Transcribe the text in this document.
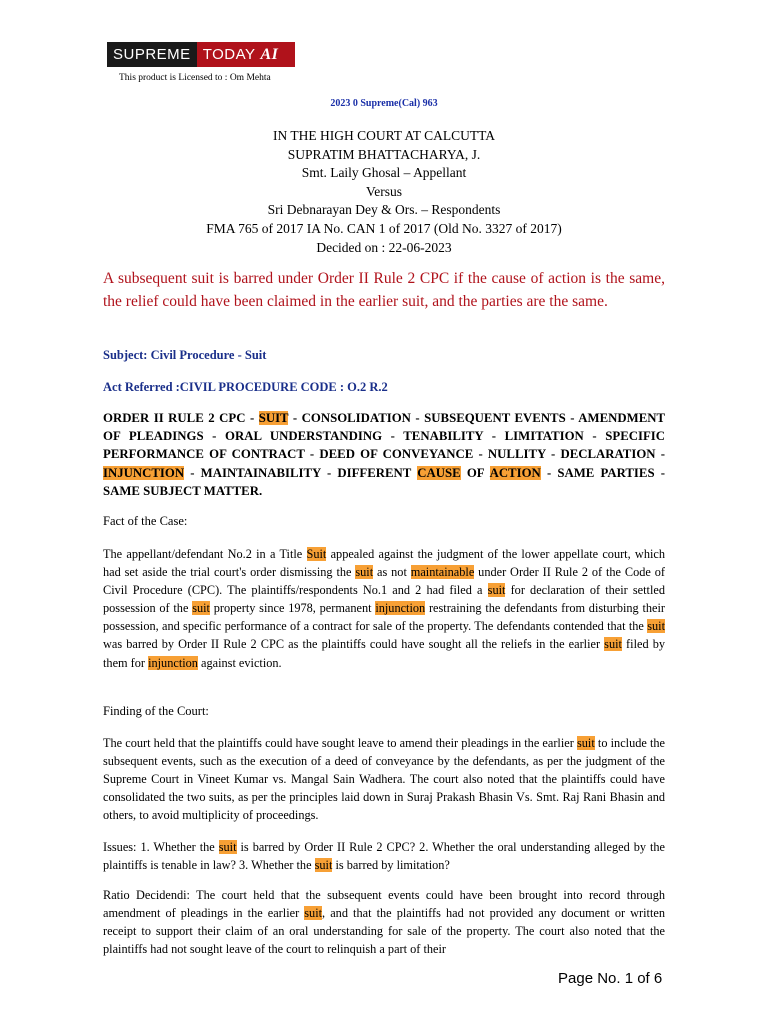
SUPREME TODAY AI
This product is Licensed to : Om Mehta
2023 0 Supreme(Cal) 963
IN THE HIGH COURT AT CALCUTTA
SUPRATIM BHATTACHARYA, J.
Smt. Laily Ghosal – Appellant
Versus
Sri Debnarayan Dey & Ors. – Respondents
FMA 765 of 2017 IA No. CAN 1 of 2017 (Old No. 3327 of 2017)
Decided on : 22-06-2023
A subsequent suit is barred under Order II Rule 2 CPC if the cause of action is the same, the relief could have been claimed in the earlier suit, and the parties are the same.
Subject: Civil Procedure - Suit
Act Referred :CIVIL PROCEDURE CODE : O.2 R.2
ORDER II RULE 2 CPC - SUIT - CONSOLIDATION - SUBSEQUENT EVENTS - AMENDMENT OF PLEADINGS - ORAL UNDERSTANDING - TENABILITY - LIMITATION - SPECIFIC PERFORMANCE OF CONTRACT - DEED OF CONVEYANCE - NULLITY - DECLARATION - INJUNCTION - MAINTAINABILITY - DIFFERENT CAUSE OF ACTION - SAME PARTIES - SAME SUBJECT MATTER.
Fact of the Case:
The appellant/defendant No.2 in a Title Suit appealed against the judgment of the lower appellate court, which had set aside the trial court's order dismissing the suit as not maintainable under Order II Rule 2 of the Code of Civil Procedure (CPC). The plaintiffs/respondents No.1 and 2 had filed a suit for declaration of their settled possession of the suit property since 1978, permanent injunction restraining the defendants from disturbing their possession, and specific performance of a contract for sale of the property. The defendants contended that the suit was barred by Order II Rule 2 CPC as the plaintiffs could have sought all the reliefs in the earlier suit filed by them for injunction against eviction.
Finding of the Court:
The court held that the plaintiffs could have sought leave to amend their pleadings in the earlier suit to include the subsequent events, such as the execution of a deed of conveyance by the defendants, as per the judgment of the Supreme Court in Vineet Kumar vs. Mangal Sain Wadhera. The court also noted that the plaintiffs could have consolidated the two suits, as per the principles laid down in Suraj Prakash Bhasin Vs. Smt. Raj Rani Bhasin and others, to avoid multiplicity of proceedings.
Issues: 1. Whether the suit is barred by Order II Rule 2 CPC? 2. Whether the oral understanding alleged by the plaintiffs is tenable in law? 3. Whether the suit is barred by limitation?
Ratio Decidendi: The court held that the subsequent events could have been brought into record through amendment of pleadings in the earlier suit, and that the plaintiffs had not provided any document or written receipt to support their claim of an oral understanding for sale of the property. The court also noted that the plaintiffs had not sought leave of the court to relinquish a part of their
Page No. 1 of 6
